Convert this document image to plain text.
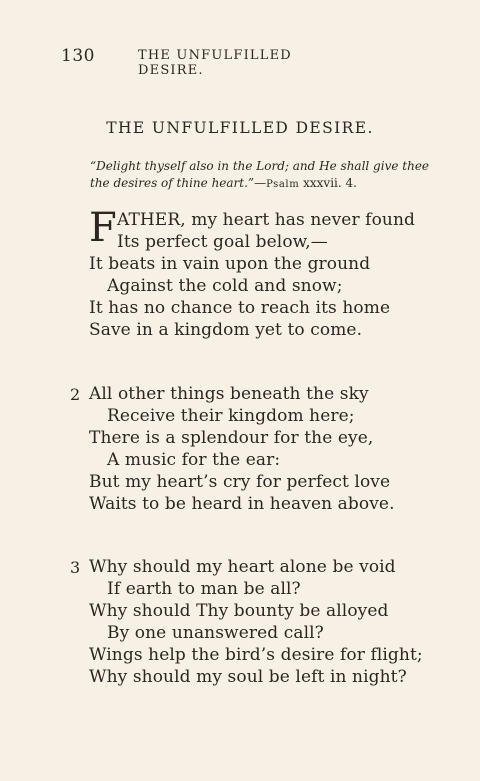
130	THE UNFULFILLED DESIRE.
THE UNFULFILLED DESIRE.
“Delight thyself also in the Lord; and He shall give thee the desires of thine heart.”—Psalm xxxvii. 4.
F ATHER, my heart has never found
Its perfect goal below,—
It beats in vain upon the ground
Against the cold and snow;
It has no chance to reach its home
Save in a kingdom yet to come.
2 All other things beneath the sky
Receive their kingdom here;
There is a splendour for the eye,
A music for the ear:
But my heart’s cry for perfect love
Waits to be heard in heaven above.
3 Why should my heart alone be void
If earth to man be all?
Why should Thy bounty be alloyed
By one unanswered call?
Wings help the bird’s desire for flight;
Why should my soul be left in night?
